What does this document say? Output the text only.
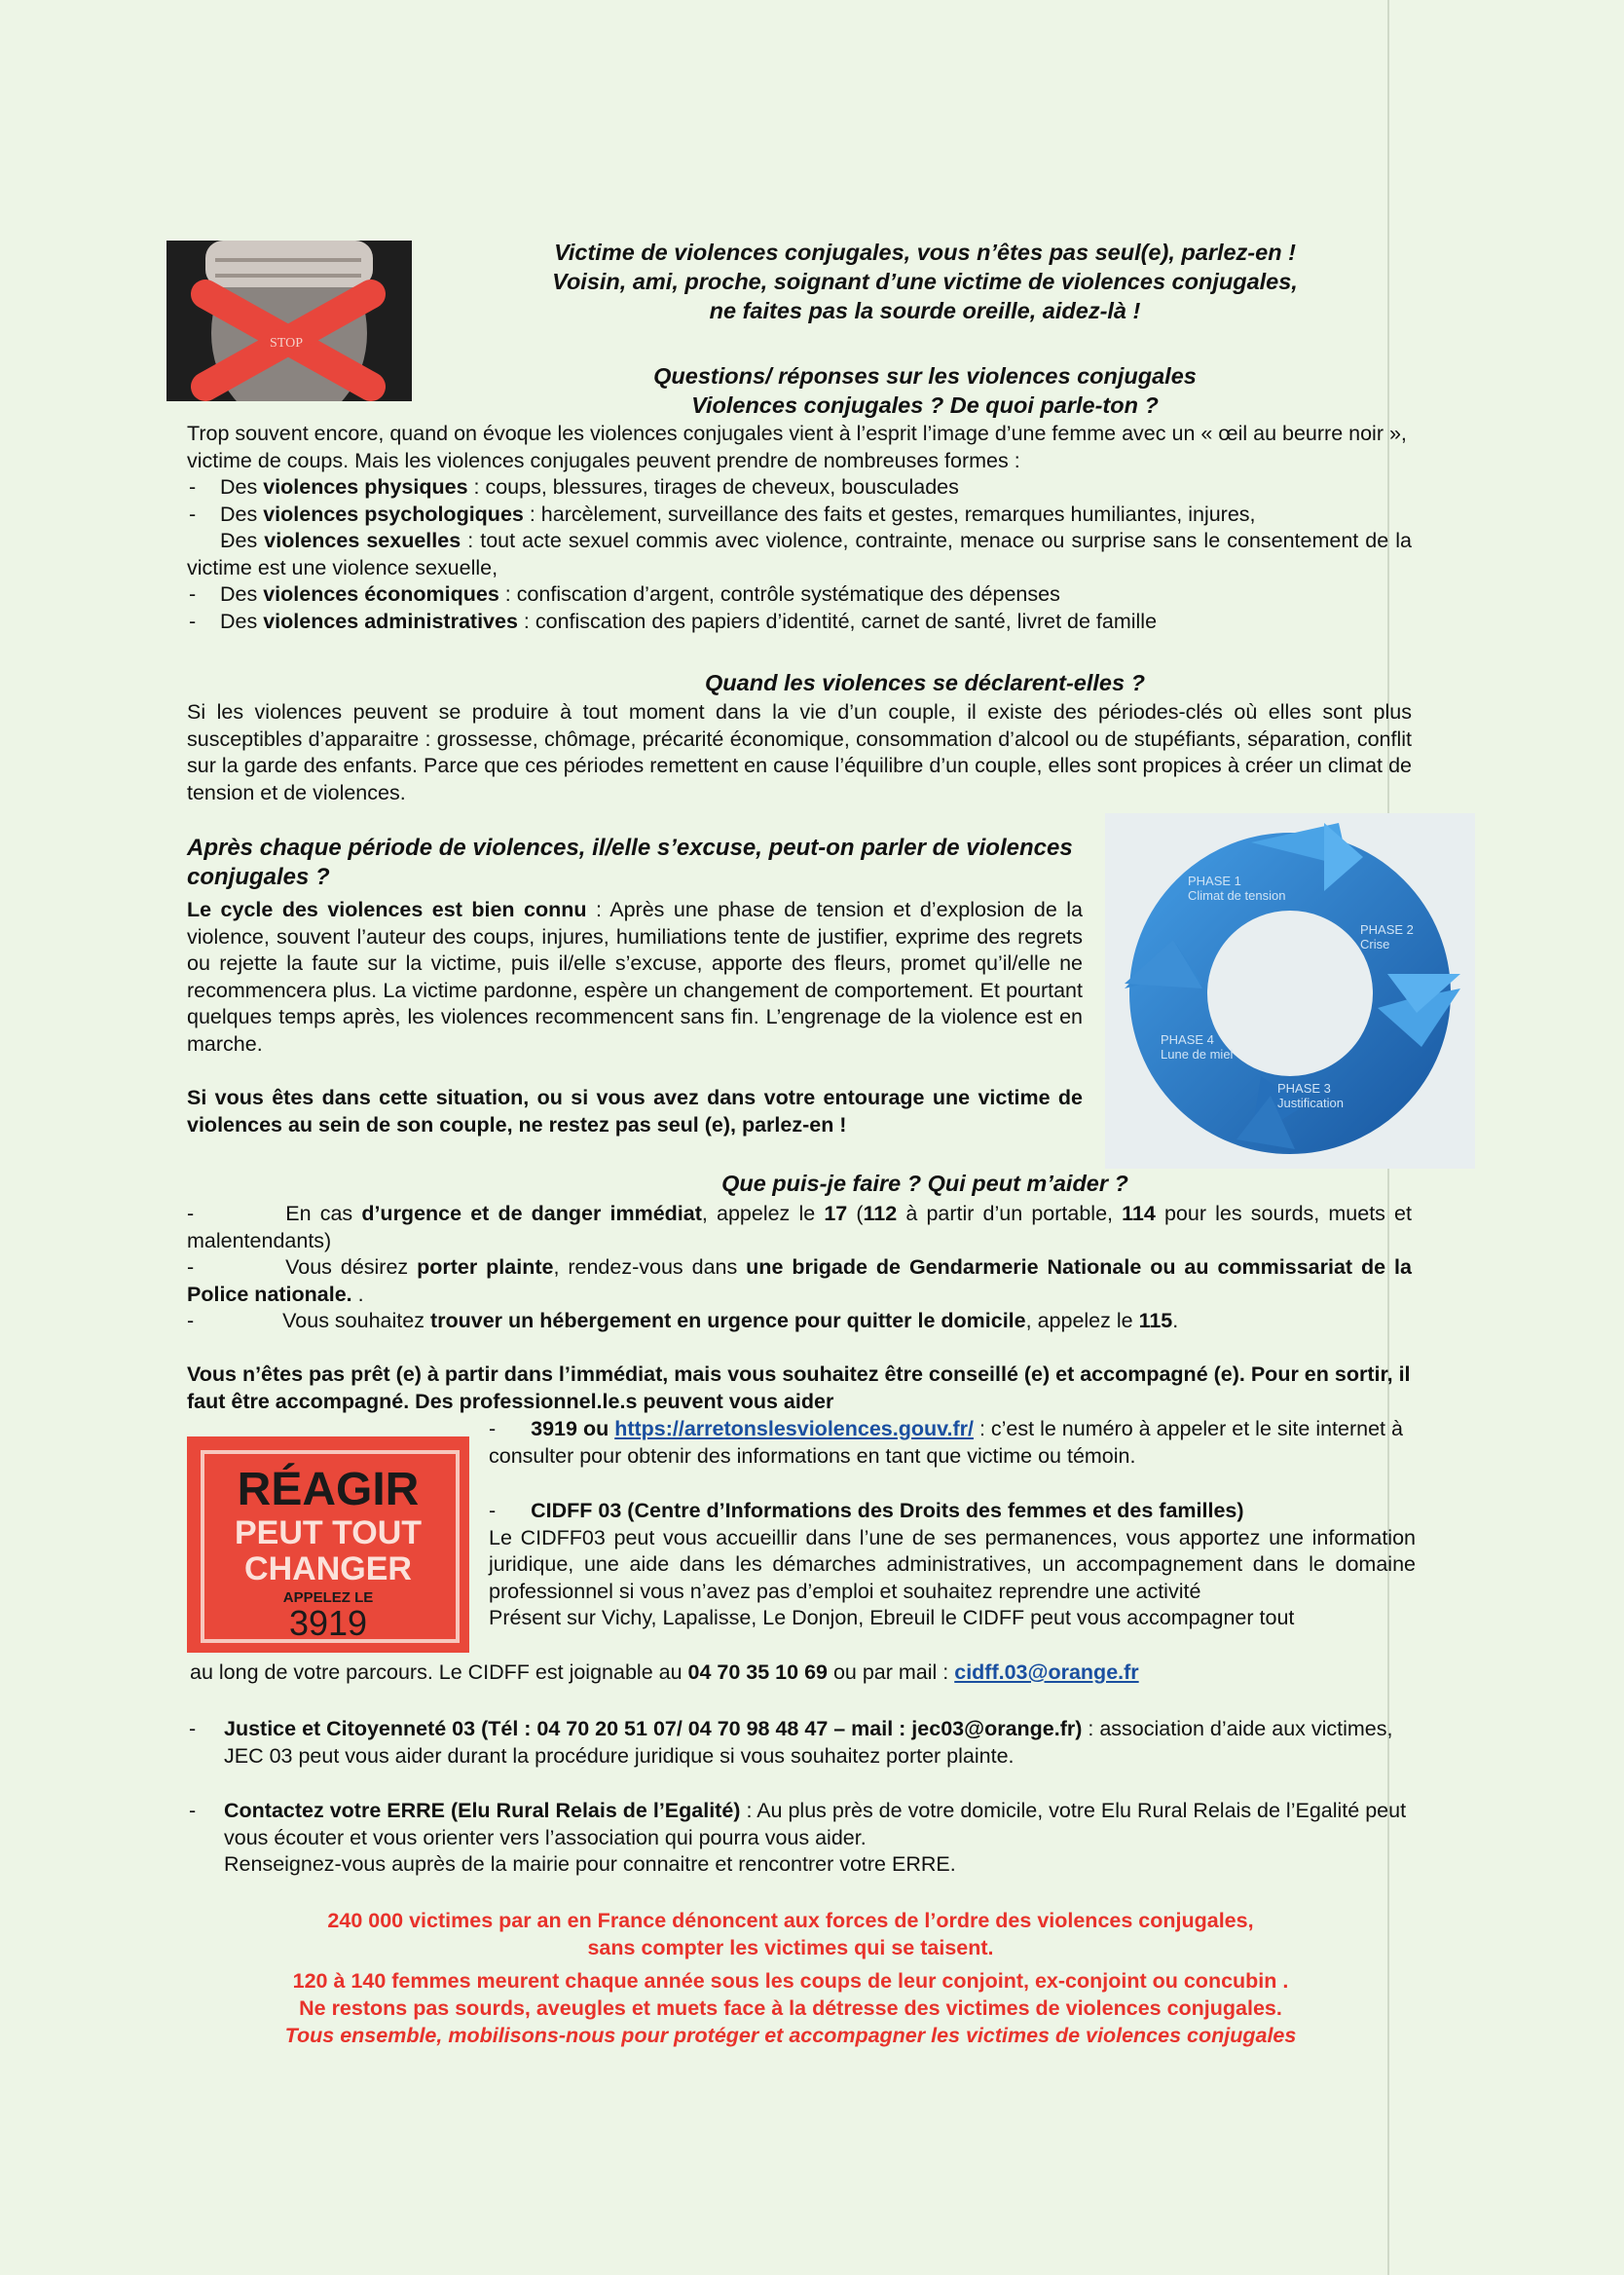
STOP

Victime de violences conjugales, vous n’êtes pas seul(e), parlez-en !

Voisin, ami, proche, soignant d’une victime de violences conjugales,

ne faites pas la sourde oreille, aidez-là !

Questions/ réponses sur les violences conjugales

Violences conjugales ? De quoi parle-ton ?

Trop souvent encore, quand on évoque les violences conjugales vient à l’esprit l’image d’une femme avec un « œil au beurre noir », victime de coups. Mais les violences conjugales peuvent prendre de nombreuses formes :

- Des violences physiques : coups, blessures, tirages de cheveux, bousculades
- Des violences psychologiques : harcèlement, surveillance des faits et gestes, remarques humiliantes, injures,
- Des violences sexuelles : tout acte sexuel commis avec violence, contrainte, menace ou surprise sans le consentement de la victime est une violence sexuelle,
- Des violences économiques : confiscation d’argent, contrôle systématique des dépenses
- Des violences administratives : confiscation des papiers d’identité, carnet de santé, livret de famille
Quand les violences se déclarent-elles ?

Si les violences peuvent se produire à tout moment dans la vie d’un couple, il existe des périodes-clés où elles sont plus susceptibles d’apparaitre : grossesse, chômage, précarité économique, consommation d’alcool ou de stupéfiants, séparation, conflit sur la garde des enfants. Parce que ces périodes remettent en cause l’équilibre d’un couple, elles sont propices à créer un climat de tension et de violences.

Après chaque période de violences, il/elle s’excuse, peut-on parler de violences conjugales ?

Le cycle des violences est bien connu : Après une phase de tension et d’explosion de la violence, souvent l’auteur des coups, injures, humiliations tente de justifier, exprime des regrets ou rejette la faute sur la victime, puis il/elle s’excuse, apporte des fleurs, promet qu’il/elle ne recommencera plus. La victime pardonne, espère un changement de comportement. Et pourtant quelques temps après, les violences recommencent sans fin. L’engrenage de la violence est en marche.

Si vous êtes dans cette situation, ou si vous avez dans votre entourage une victime de violences au sein de son couple, ne restez pas seul (e), parlez-en !

PHASE 1
Climat de tension
PHASE 2
Crise
PHASE 3
Justification
PHASE 4
Lune de miel
Que puis-je faire ? Qui peut m’aider ?

-	En cas d’urgence et de danger immédiat, appelez le 17 (112 à partir d’un portable, 114 pour les sourds, muets et malentendants)

-	Vous désirez porter plainte, rendez-vous dans une brigade de Gendarmerie Nationale ou au commissariat de la Police nationale. .

-	Vous souhaitez trouver un hébergement en urgence pour quitter le domicile, appelez le 115.

Vous n’êtes pas prêt (e) à partir dans l’immédiat, mais vous souhaitez être conseillé (e) et accompagné (e). Pour en sortir, il faut être accompagné. Des professionnel.le.s peuvent vous aider

RÉAGIR
PEUT TOUT
CHANGER
APPELEZ LE
3919

- 3919 ou https://arretonslesviolences.gouv.fr/ : c’est le numéro à appeler et le site internet à consulter pour obtenir des informations en tant que victime ou témoin.

- CIDFF 03 (Centre d’Informations des Droits des femmes et des familles)

Le CIDFF03 peut vous accueillir dans l’une de ses permanences, vous apportez une information juridique, une aide dans les démarches administratives, un accompagnement dans le domaine professionnel si vous n’avez pas d’emploi et souhaitez reprendre une activité

Présent sur Vichy, Lapalisse, Le Donjon, Ebreuil le CIDFF peut vous accompagner tout

au long de votre parcours. Le CIDFF est joignable au 04 70 35 10 69 ou par mail : cidff.03@orange.fr

- Justice et Citoyenneté 03 (Tél : 04 70 20 51 07/ 04 70 98 48 47 – mail : jec03@orange.fr) : association d’aide aux victimes, JEC 03 peut vous aider durant la procédure juridique si vous souhaitez porter plainte.
- Contactez votre ERRE (Elu Rural Relais de l’Egalité) : Au plus près de votre domicile, votre Elu Rural Relais de l’Egalité peut vous écouter et vous orienter vers l’association qui pourra vous aider.
Renseignez-vous auprès de la mairie pour connaitre et rencontrer votre ERRE.

240 000 victimes par an en France dénoncent aux forces de l’ordre des violences conjugales,

sans compter les victimes qui se taisent.

120 à 140 femmes meurent chaque année sous les coups de leur conjoint, ex-conjoint ou concubin .

Ne restons pas sourds, aveugles et muets face à la détresse des victimes de violences conjugales.

Tous ensemble, mobilisons-nous pour protéger et accompagner les victimes de violences conjugales
